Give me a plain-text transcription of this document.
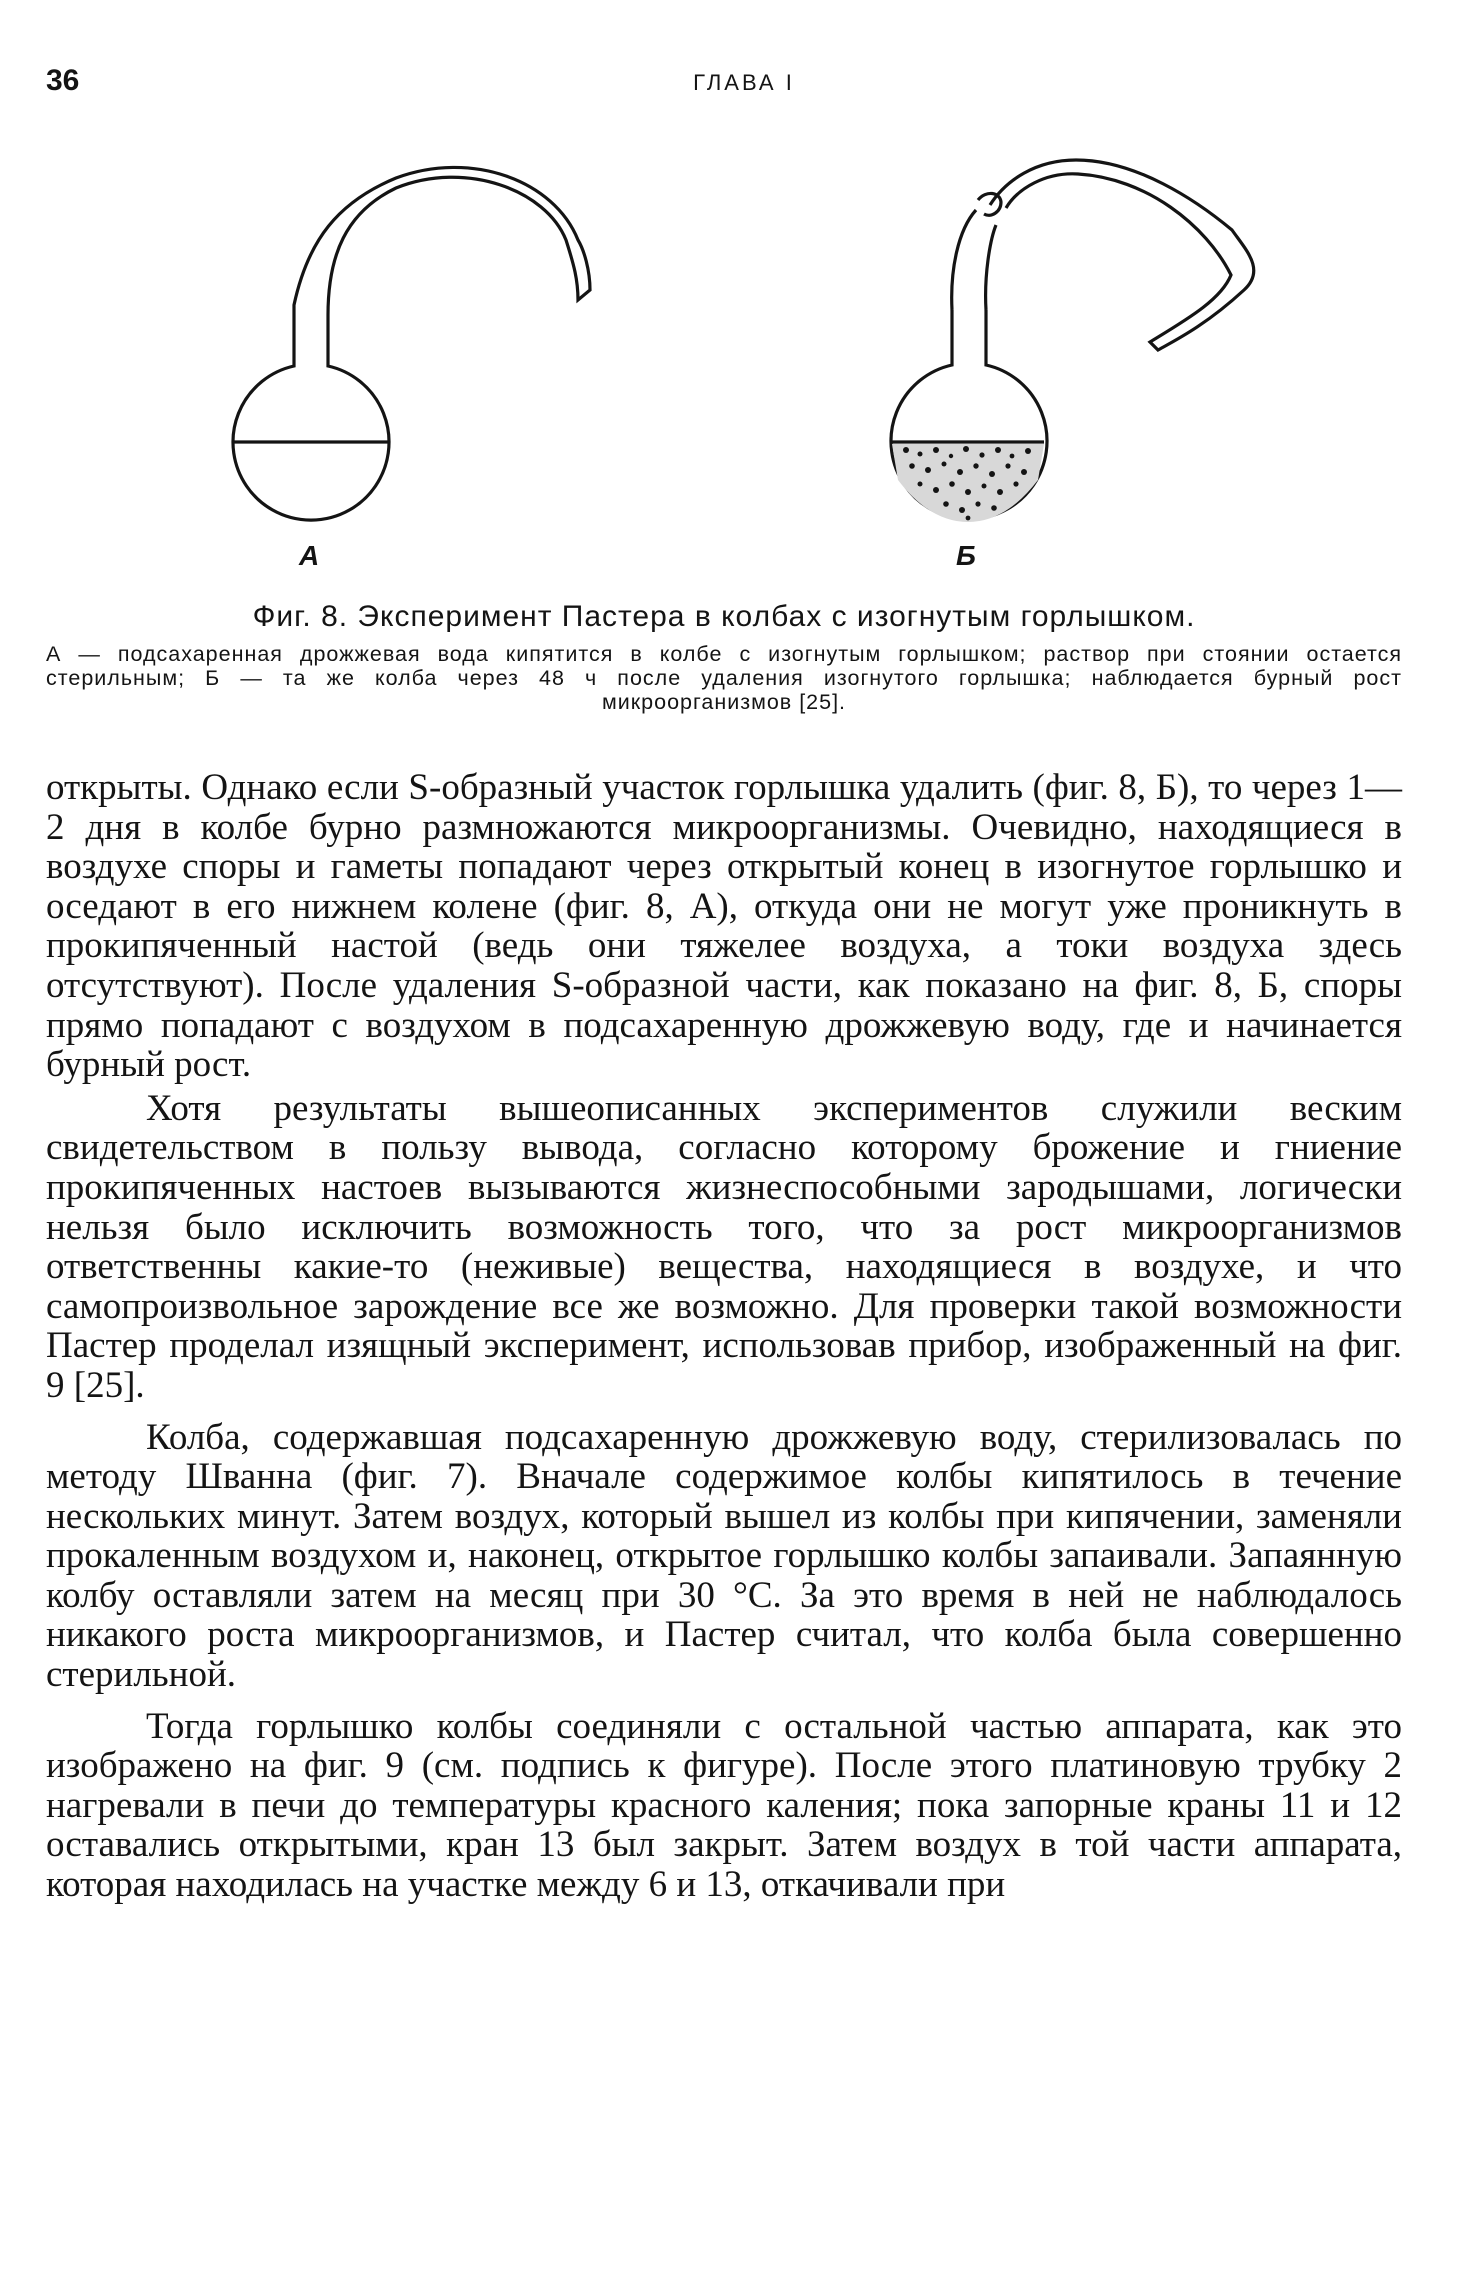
36	ГЛАВА I
А	Б
Фиг. 8. Эксперимент Пастера в колбах с изогнутым горлышком.
А — подсахаренная дрожжевая вода кипятится в колбе с изогнутым горлышком; раствор при стоянии остается стерильным; Б — та же колба через 48 ч после удаления изогнутого горлышка; наблюдается бурный рост микроорганизмов [25].

открыты. Однако если S-образный участок горлышка удалить (фиг. 8, Б), то через 1—2 дня в колбе бурно размножаются микроорганизмы. Очевидно, находящиеся в воздухе споры и гаметы попадают через открытый конец в изогнутое горлышко и оседают в его нижнем колене (фиг. 8, А), откуда они не могут уже проникнуть в прокипяченный настой (ведь они тяжелее воздуха, а токи воздуха здесь отсутствуют). После удаления S-образной части, как показано на фиг. 8, Б, споры прямо попадают с воздухом в подсахаренную дрожжевую воду, где и начинается бурный рост.

Хотя результаты вышеописанных экспериментов служили веским свидетельством в пользу вывода, согласно которому брожение и гниение прокипяченных настоев вызываются жизнеспособными зародышами, логически нельзя было исключить возможность того, что за рост микроорганизмов ответственны какие-то (неживые) вещества, находящиеся в воздухе, и что самопроизвольное зарождение все же возможно. Для проверки такой возможности Пастер проделал изящный эксперимент, использовав прибор, изображенный на фиг. 9 [25].

Колба, содержавшая подсахаренную дрожжевую воду, стерилизовалась по методу Шванна (фиг. 7). Вначале содержимое колбы кипятилось в течение нескольких минут. Затем воздух, который вышел из колбы при кипячении, заменяли прокаленным воздухом и, наконец, открытое горлышко колбы запаивали. Запаянную колбу оставляли затем на месяц при 30 °С. За это время в ней не наблюдалось никакого роста микроорганизмов, и Пастер считал, что колба была совершенно стерильной.

Тогда горлышко колбы соединяли с остальной частью аппарата, как это изображено на фиг. 9 (см. подпись к фигуре). После этого платиновую трубку 2 нагревали в печи до температуры красного каления; пока запорные краны 11 и 12 оставались открытыми, кран 13 был закрыт. Затем воздух в той части аппарата, которая находилась на участке между 6 и 13, откачивали при
